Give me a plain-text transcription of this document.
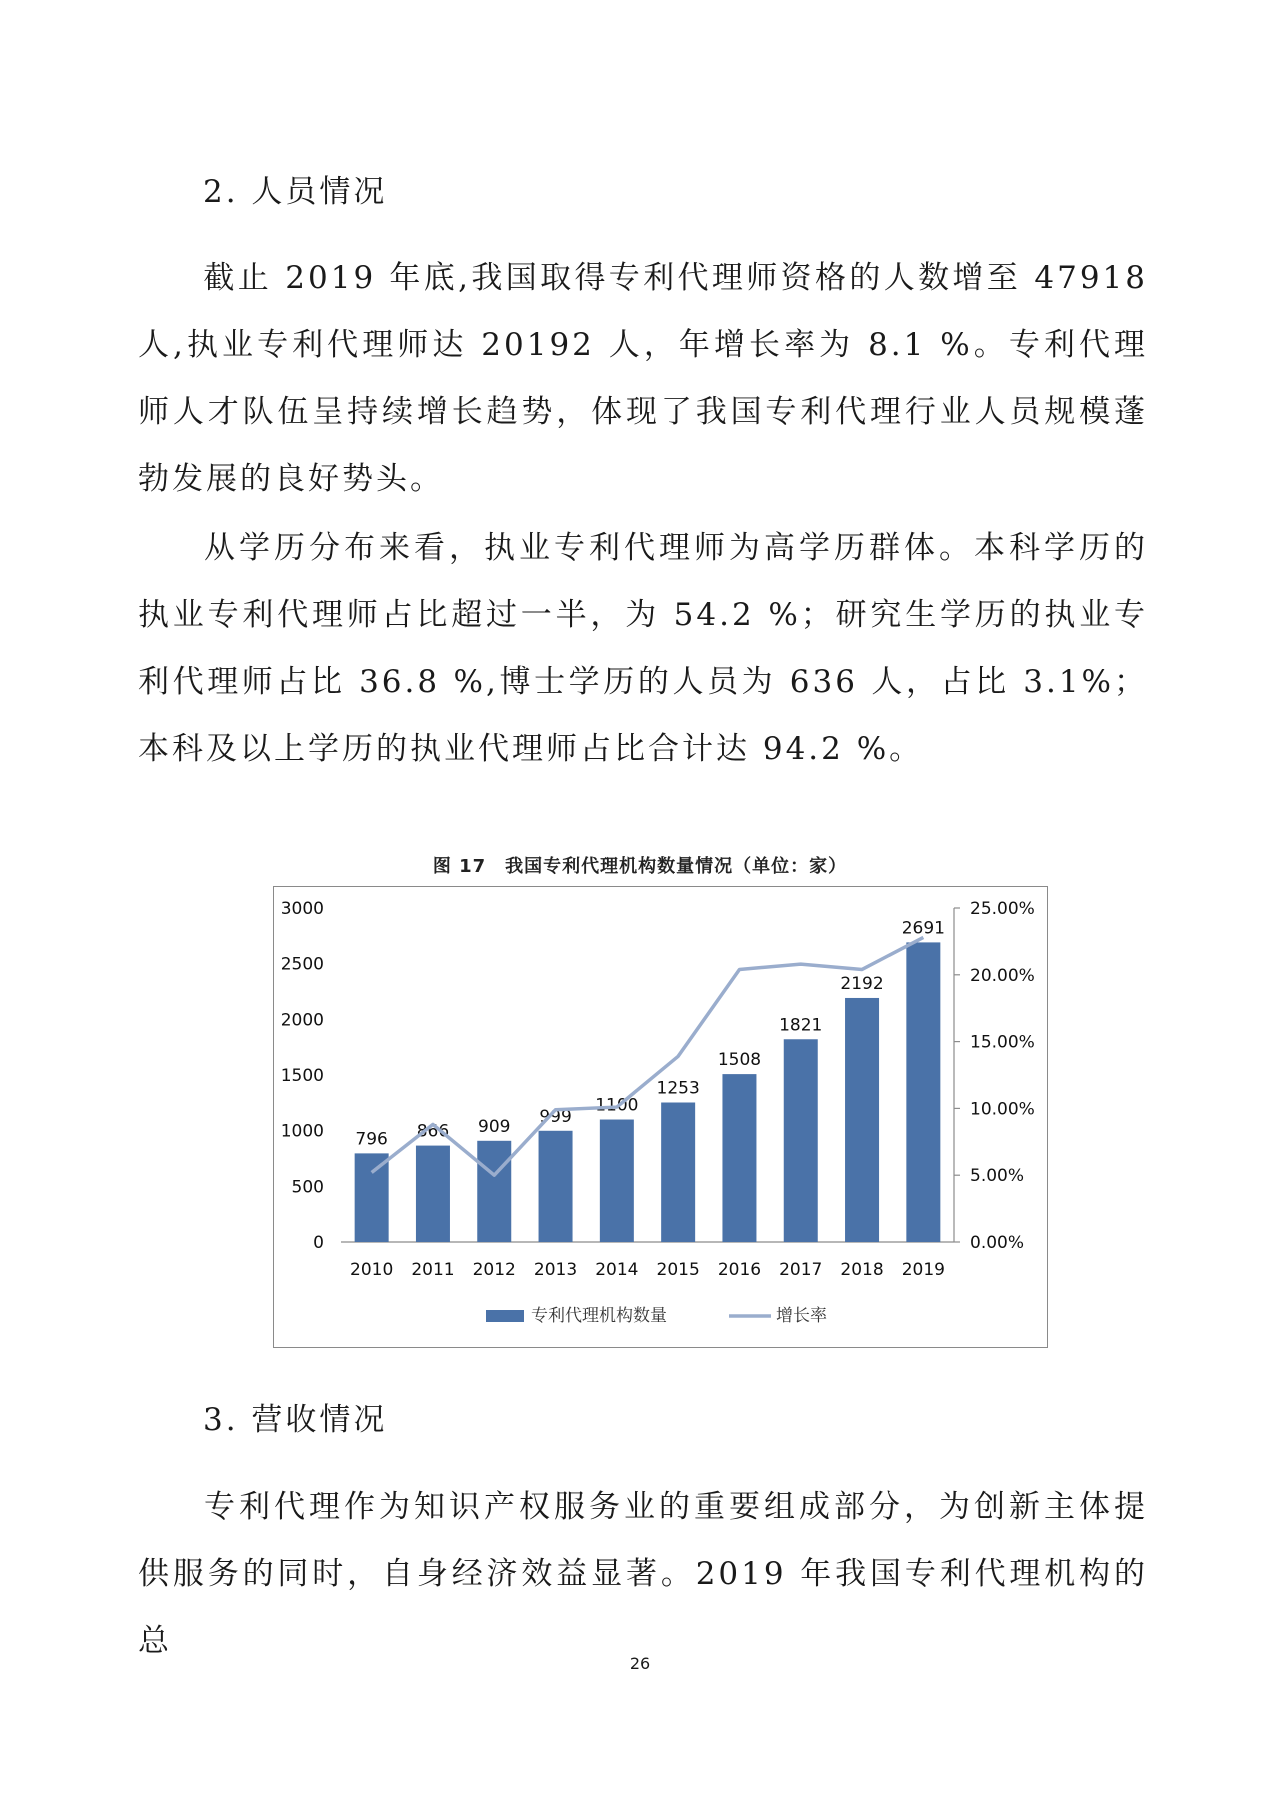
2. 人员情况
截止 2019 年底,我国取得专利代理师资格的人数增至 47918 人,执业专利代理师达 20192 人，年增长率为 8.1 %。专利代理师人才队伍呈持续增长趋势，体现了我国专利代理行业人员规模蓬勃发展的良好势头。
从学历分布来看，执业专利代理师为高学历群体。本科学历的执业专利代理师占比超过一半，为 54.2 %；研究生学历的执业专利代理师占比 36.8 %,博士学历的人员为 636 人，占比 3.1%；本科及以上学历的执业代理师占比合计达 94.2 %。
图 17　我国专利代理机构数量情况（单位：家）
0
500
1000
1500
2000
2500
3000
0.00%
5.00%
10.00%
15.00%
20.00%
25.00%
796
2010
866
2011
909
2012
999
2013
1100
2014
1253
2015
1508
2016
1821
2017
2192
2018
2691
2019
专利代理机构数量	增长率
3. 营收情况
专利代理作为知识产权服务业的重要组成部分，为创新主体提供服务的同时，自身经济效益显著。2019 年我国专利代理机构的总
26
